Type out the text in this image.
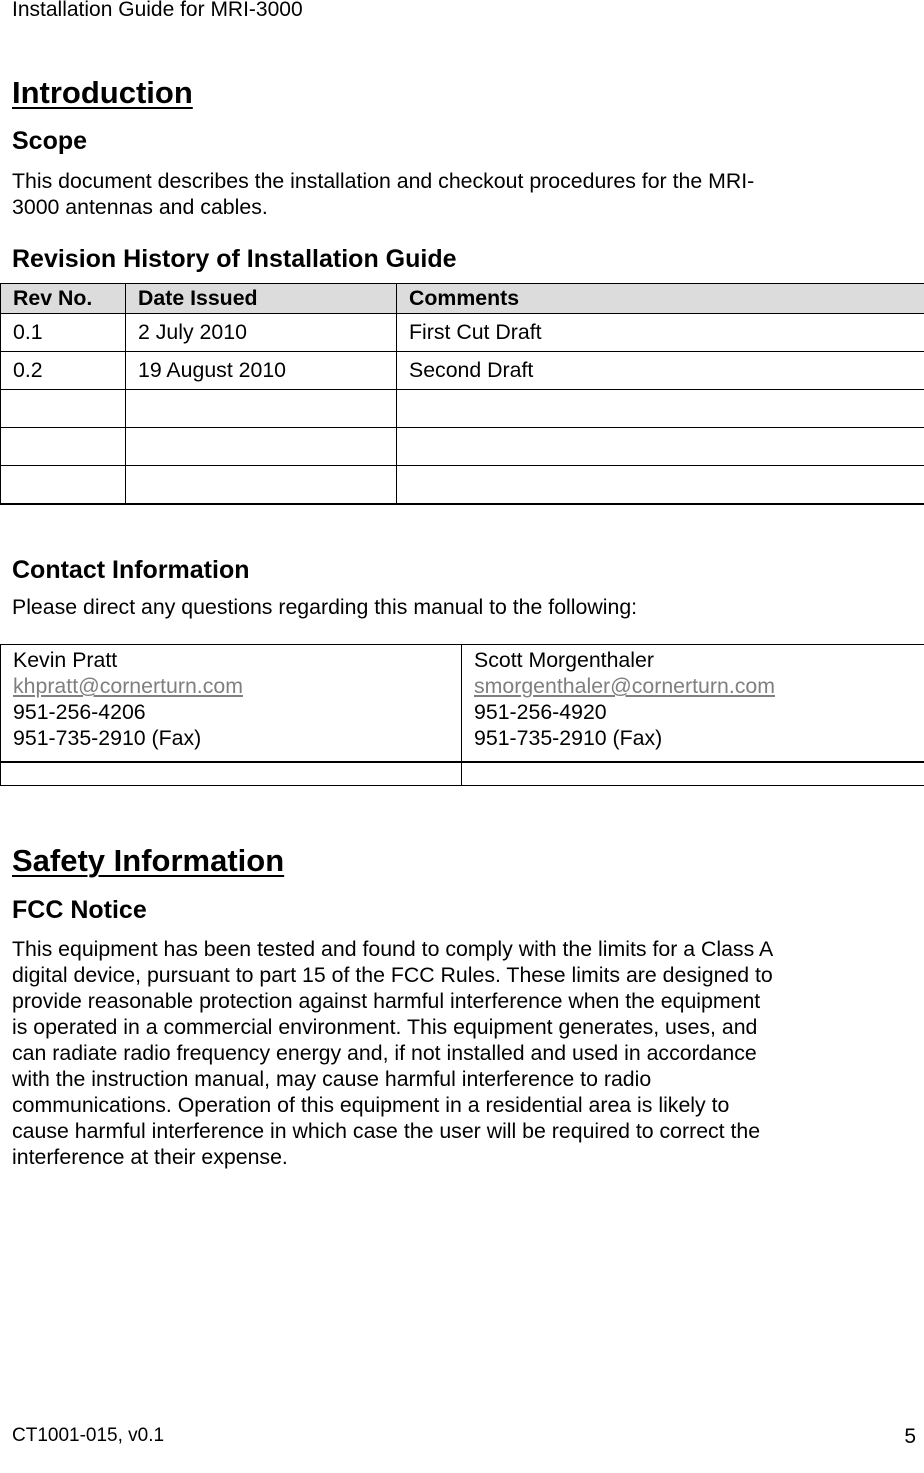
Installation Guide for MRI-3000
Introduction
Scope
This document describes the installation and checkout procedures for the MRI-
3000 antennas and cables.
Revision History of Installation Guide
Rev No.	Date Issued	Comments
0.1	2 July 2010	First Cut Draft
0.2	19 August 2010	Second Draft

Contact Information
Please direct any questions regarding this manual to the following:
Kevin Pratt
khpratt@cornerturn.com
951-256-4206
951-735-2910 (Fax)	Scott Morgenthaler
smorgenthaler@cornerturn.com
951-256-4920
951-735-2910 (Fax)

Safety Information
FCC Notice
This equipment has been tested and found to comply with the limits for a Class A
digital device, pursuant to part 15 of the FCC Rules. These limits are designed to
provide reasonable protection against harmful interference when the equipment
is operated in a commercial environment. This equipment generates, uses, and
can radiate radio frequency energy and, if not installed and used in accordance
with the instruction manual, may cause harmful interference to radio
communications. Operation of this equipment in a residential area is likely to
cause harmful interference in which case the user will be required to correct the
interference at their expense.
CT1001-015, v0.1	5
